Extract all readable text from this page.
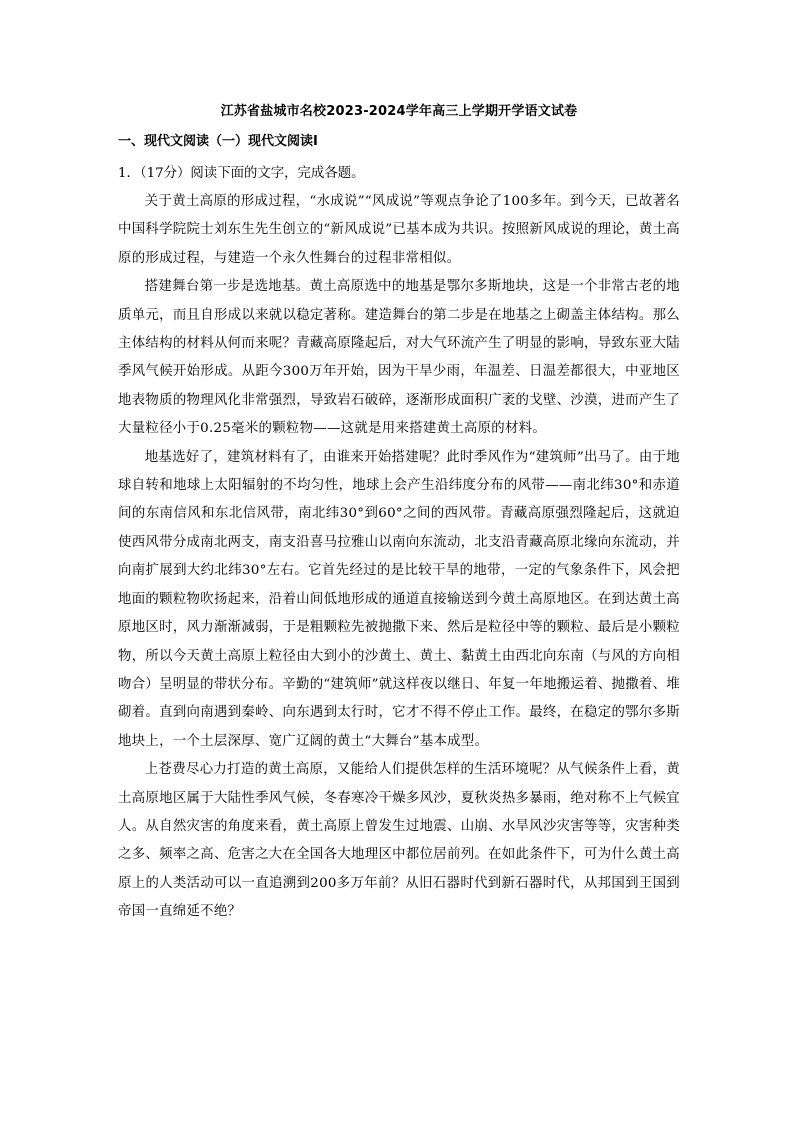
江苏省盐城市名校2023-2024学年高三上学期开学语文试卷
一、现代文阅读（一）现代文阅读Ⅰ
1．（17分）阅读下面的文字，完成各题。

关于黄土高原的形成过程，“水成说”“风成说”等观点争论了100多年。到今天，已故著名中国科学院院士刘东生先生创立的“新风成说”已基本成为共识。按照新风成说的理论，黄土高原的形成过程，与建造一个永久性舞台的过程非常相似。

搭建舞台第一步是选地基。黄土高原选中的地基是鄂尔多斯地块，这是一个非常古老的地质单元，而且自形成以来就以稳定著称。建造舞台的第二步是在地基之上砌盖主体结构。那么主体结构的材料从何而来呢？青藏高原隆起后，对大气环流产生了明显的影响，导致东亚大陆季风气候开始形成。从距今300万年开始，因为干旱少雨，年温差、日温差都很大，中亚地区地表物质的物理风化非常强烈，导致岩石破碎，逐渐形成面积广袤的戈壁、沙漠，进而产生了大量粒径小于0.25毫米的颗粒物——这就是用来搭建黄土高原的材料。

地基选好了，建筑材料有了，由谁来开始搭建呢？此时季风作为“建筑师”出马了。由于地球自转和地球上太阳辐射的不均匀性，地球上会产生沿纬度分布的风带——南北纬30°和赤道间的东南信风和东北信风带，南北纬30°到60°之间的西风带。青藏高原强烈隆起后，这就迫使西风带分成南北两支，南支沿喜马拉雅山以南向东流动，北支沿青藏高原北缘向东流动，并向南扩展到大约北纬30°左右。它首先经过的是比较干旱的地带，一定的气象条件下，风会把地面的颗粒物吹扬起来，沿着山间低地形成的通道直接输送到今黄土高原地区。在到达黄土高原地区时，风力渐渐减弱，于是粗颗粒先被抛撒下来、然后是粒径中等的颗粒、最后是小颗粒物，所以今天黄土高原上粒径由大到小的沙黄土、黄土、黏黄土由西北向东南（与风的方向相吻合）呈明显的带状分布。辛勤的“建筑师”就这样夜以继日、年复一年地搬运着、抛撒着、堆砌着。直到向南遇到秦岭、向东遇到太行时，它才不得不停止工作。最终，在稳定的鄂尔多斯地块上，一个土层深厚、宽广辽阔的黄土“大舞台”基本成型。

上苍费尽心力打造的黄土高原，又能给人们提供怎样的生活环境呢？从气候条件上看，黄土高原地区属于大陆性季风气候，冬春寒冷干燥多风沙，夏秋炎热多暴雨，绝对称不上气候宜人。从自然灾害的角度来看，黄土高原上曾发生过地震、山崩、水旱风沙灾害等等，灾害种类之多、频率之高、危害之大在全国各大地理区中都位居前列。在如此条件下，可为什么黄土高原上的人类活动可以一直追溯到200多万年前？从旧石器时代到新石器时代，从邦国到王国到帝国一直绵延不绝？
